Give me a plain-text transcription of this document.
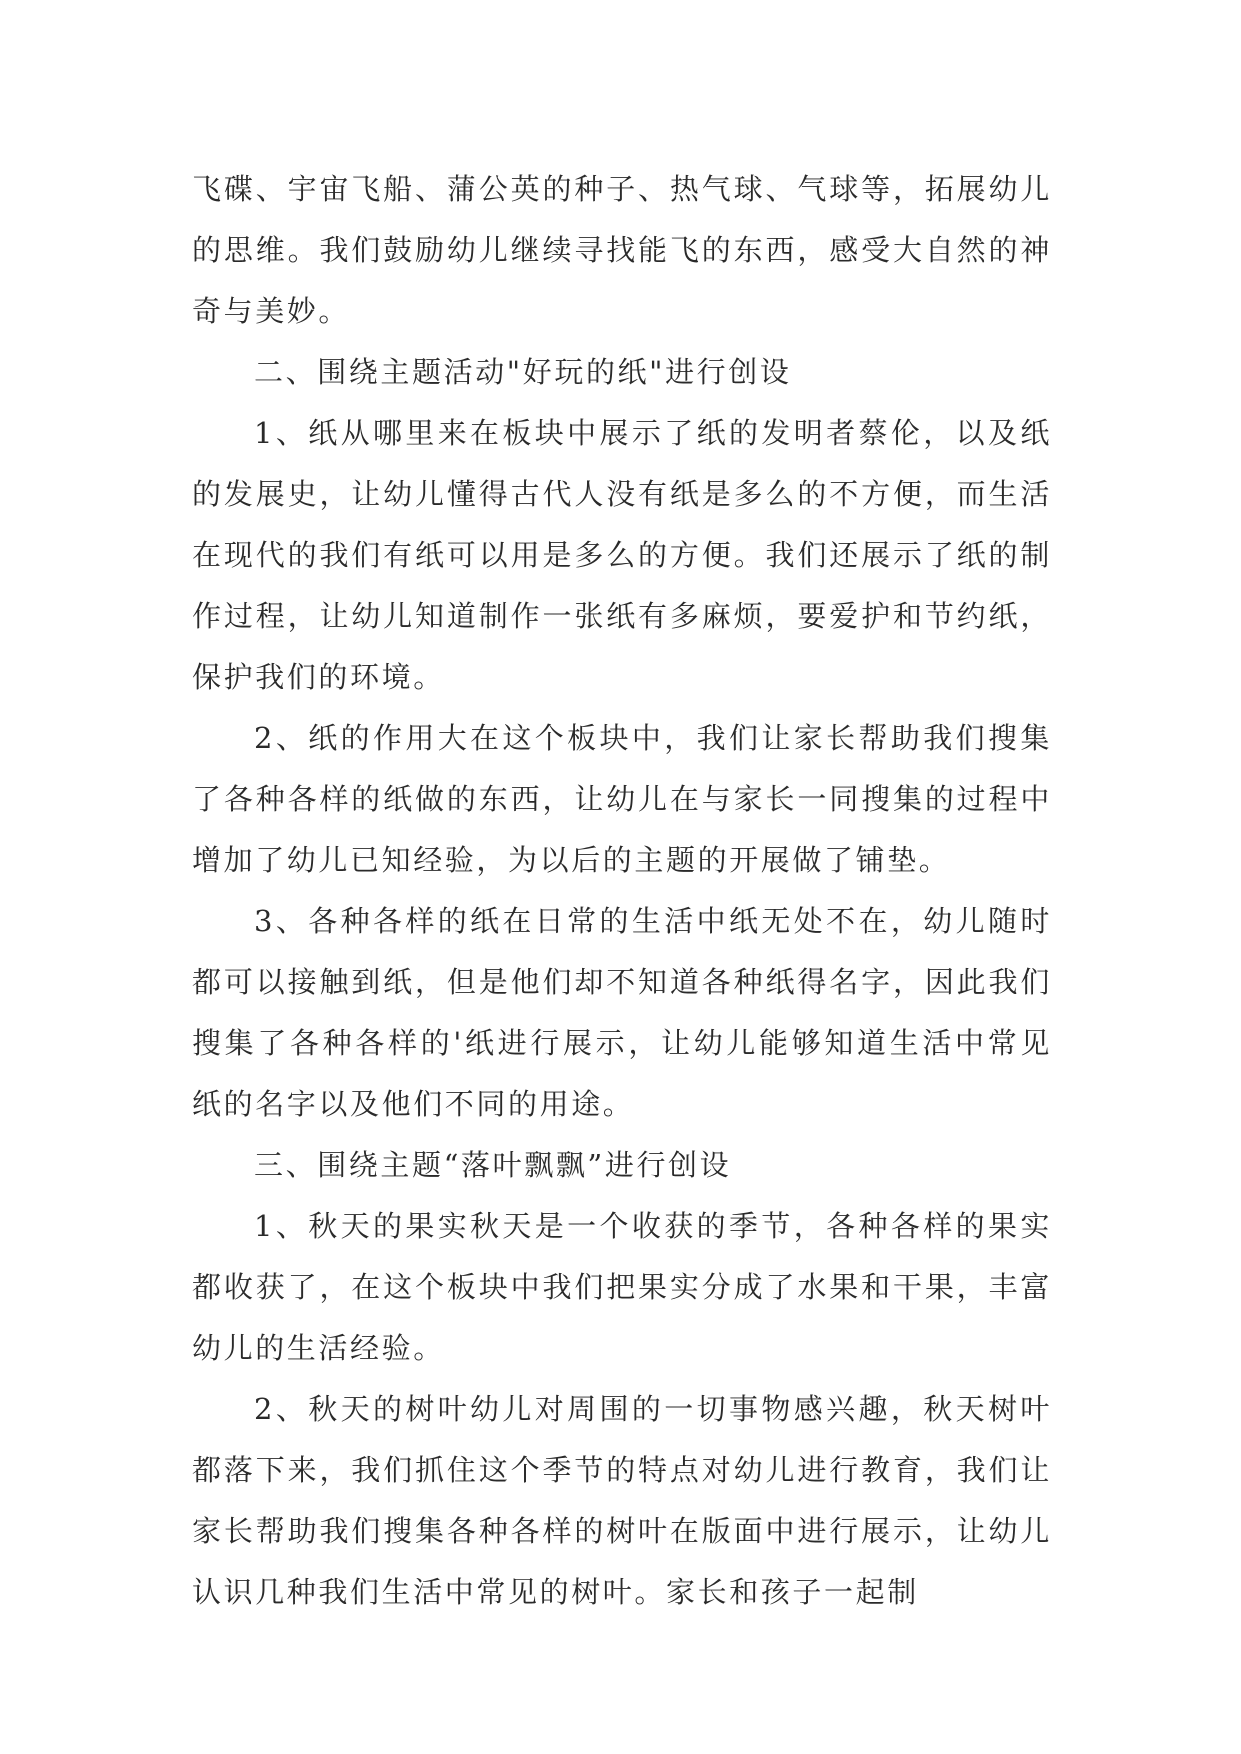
飞碟、宇宙飞船、蒲公英的种子、热气球、气球等，拓展幼儿的思维。我们鼓励幼儿继续寻找能飞的东西，感受大自然的神奇与美妙。

二、围绕主题活动"好玩的纸"进行创设

1、纸从哪里来在板块中展示了纸的发明者蔡伦，以及纸的发展史，让幼儿懂得古代人没有纸是多么的不方便，而生活在现代的我们有纸可以用是多么的方便。我们还展示了纸的制作过程，让幼儿知道制作一张纸有多麻烦，要爱护和节约纸，保护我们的环境。

2、纸的作用大在这个板块中，我们让家长帮助我们搜集了各种各样的纸做的东西，让幼儿在与家长一同搜集的过程中增加了幼儿已知经验，为以后的主题的开展做了铺垫。

3、各种各样的纸在日常的生活中纸无处不在，幼儿随时都可以接触到纸，但是他们却不知道各种纸得名字，因此我们搜集了各种各样的'纸进行展示，让幼儿能够知道生活中常见纸的名字以及他们不同的用途。

三、围绕主题“落叶飘飘”进行创设

1、秋天的果实秋天是一个收获的季节，各种各样的果实都收获了，在这个板块中我们把果实分成了水果和干果，丰富幼儿的生活经验。

2、秋天的树叶幼儿对周围的一切事物感兴趣，秋天树叶都落下来，我们抓住这个季节的特点对幼儿进行教育，我们让家长帮助我们搜集各种各样的树叶在版面中进行展示，让幼儿认识几种我们生活中常见的树叶。家长和孩子一起制
